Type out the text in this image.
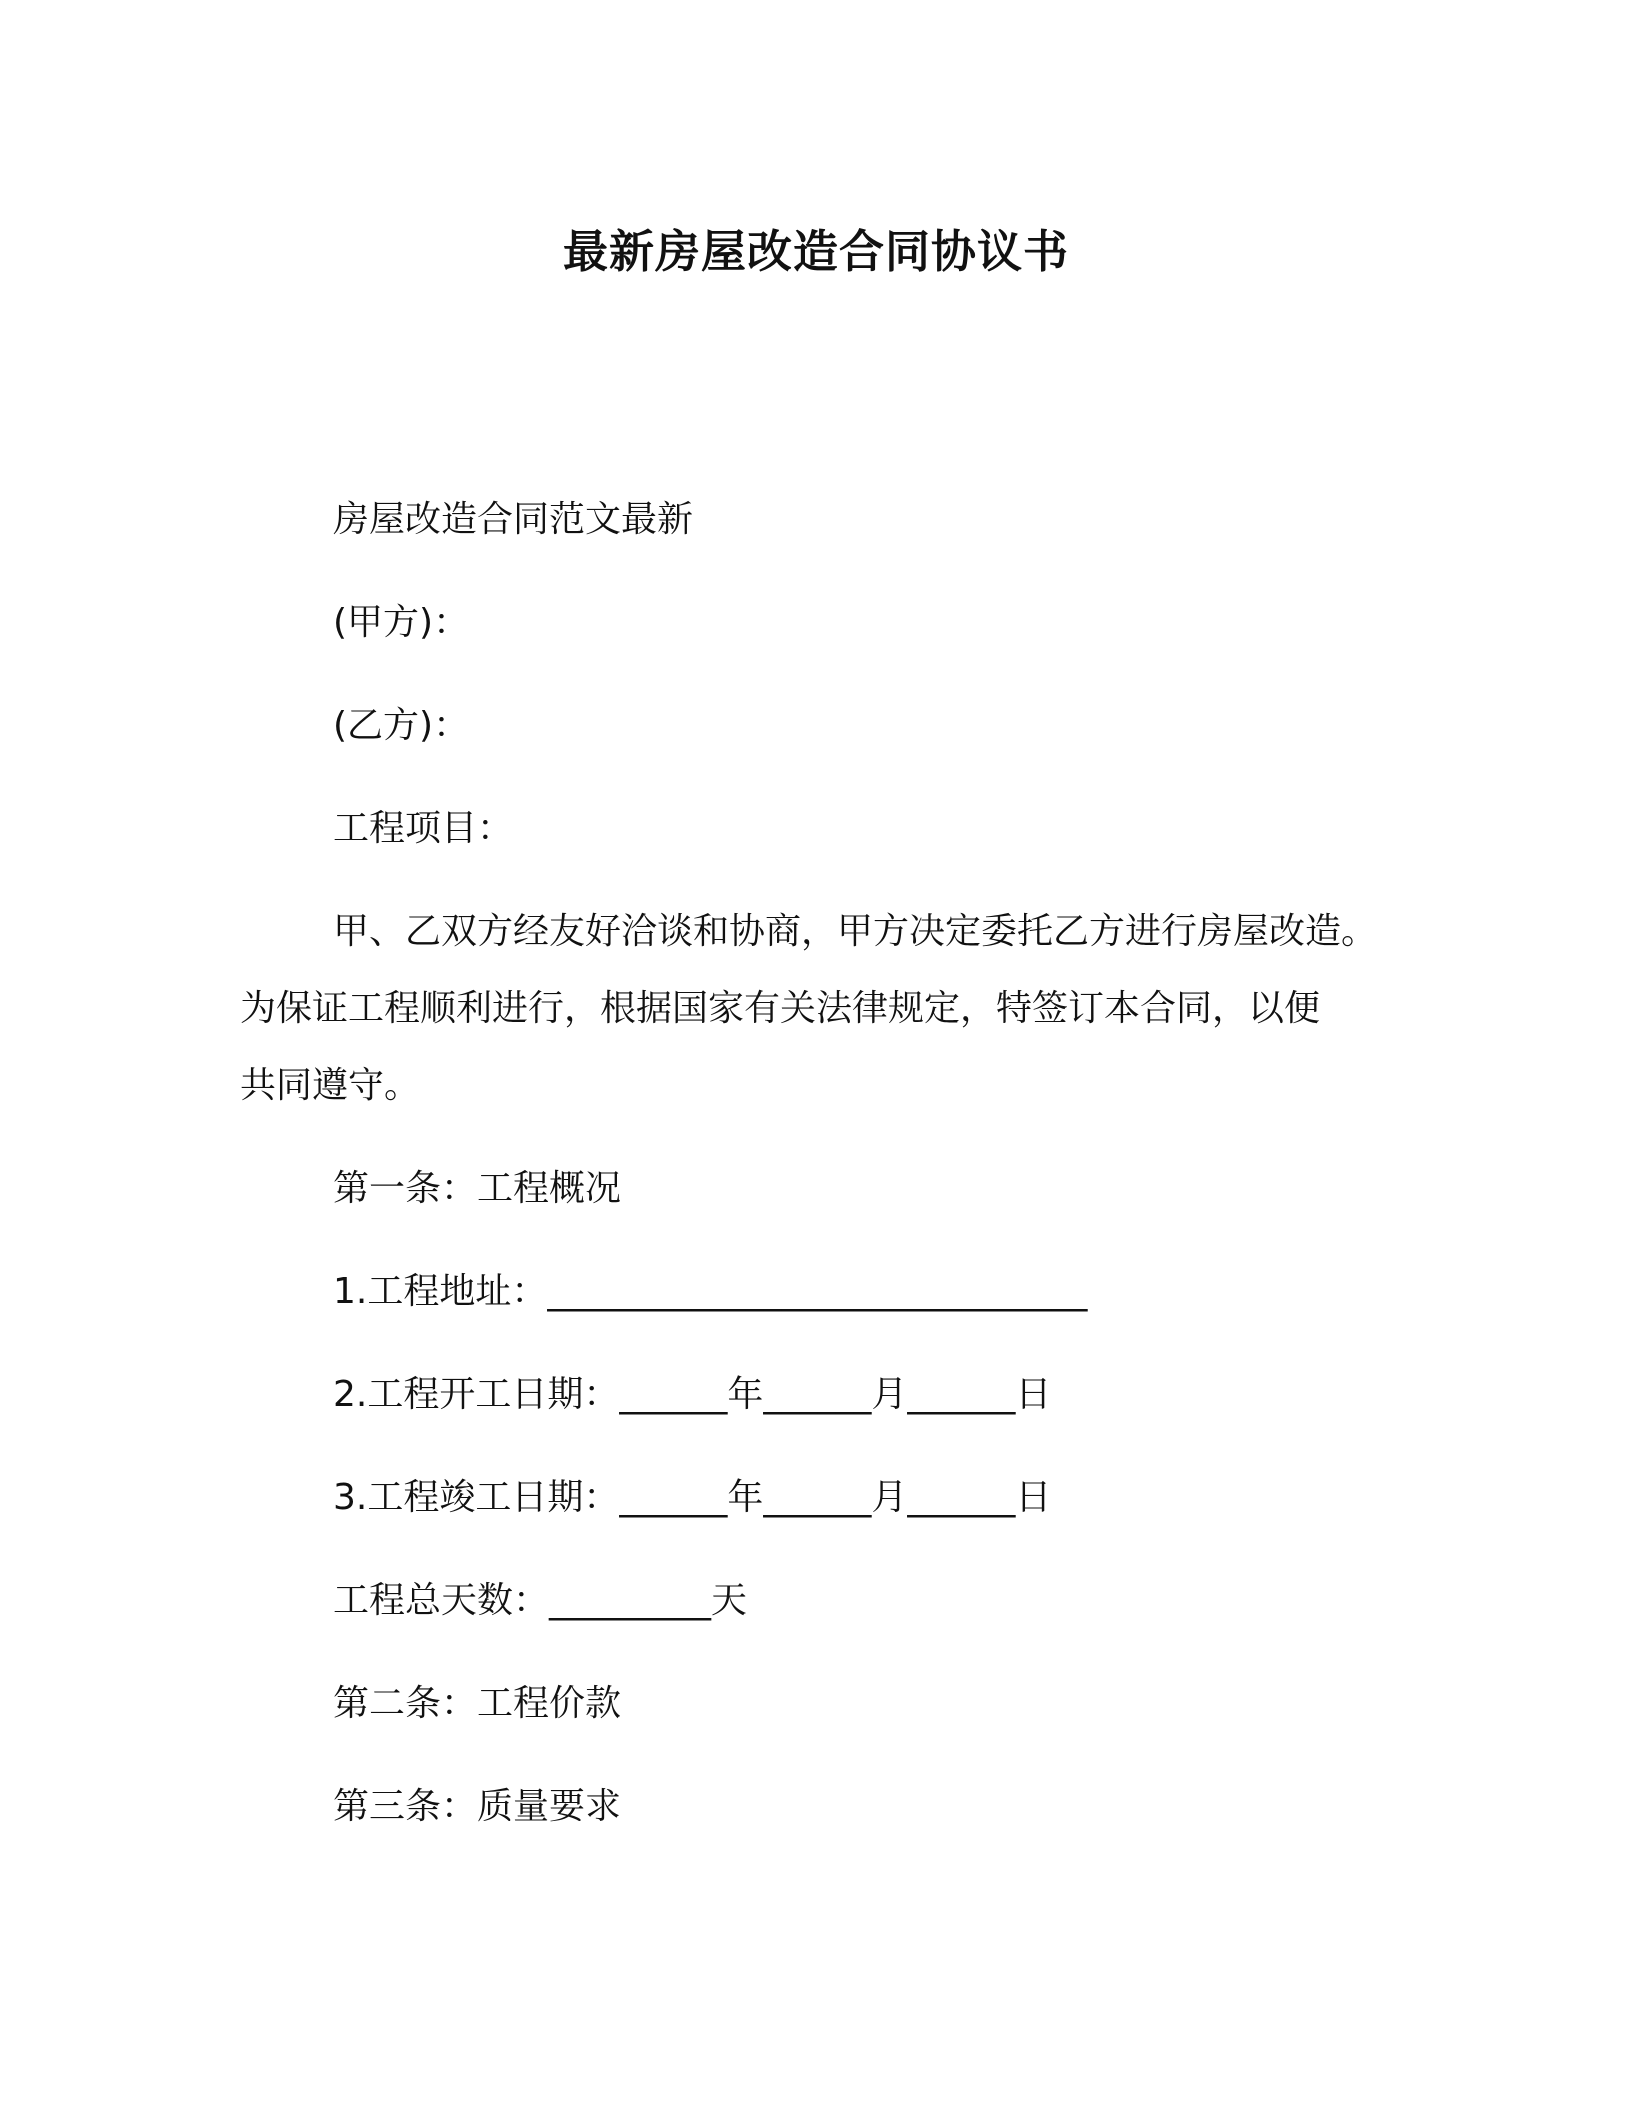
最新房屋改造合同协议书
房屋改造合同范文最新
(甲方)：
(乙方)：
工程项目：
甲、乙双方经友好洽谈和协商，甲方决定委托乙方进行房屋改造。
为保证工程顺利进行，根据国家有关法律规定，特签订本合同，以便
共同遵守。
第一条：工程概况
1.工程地址：______________________________
2.工程开工日期：______年______月______日
3.工程竣工日期：______年______月______日
工程总天数：_________天
第二条：工程价款
第三条：质量要求
